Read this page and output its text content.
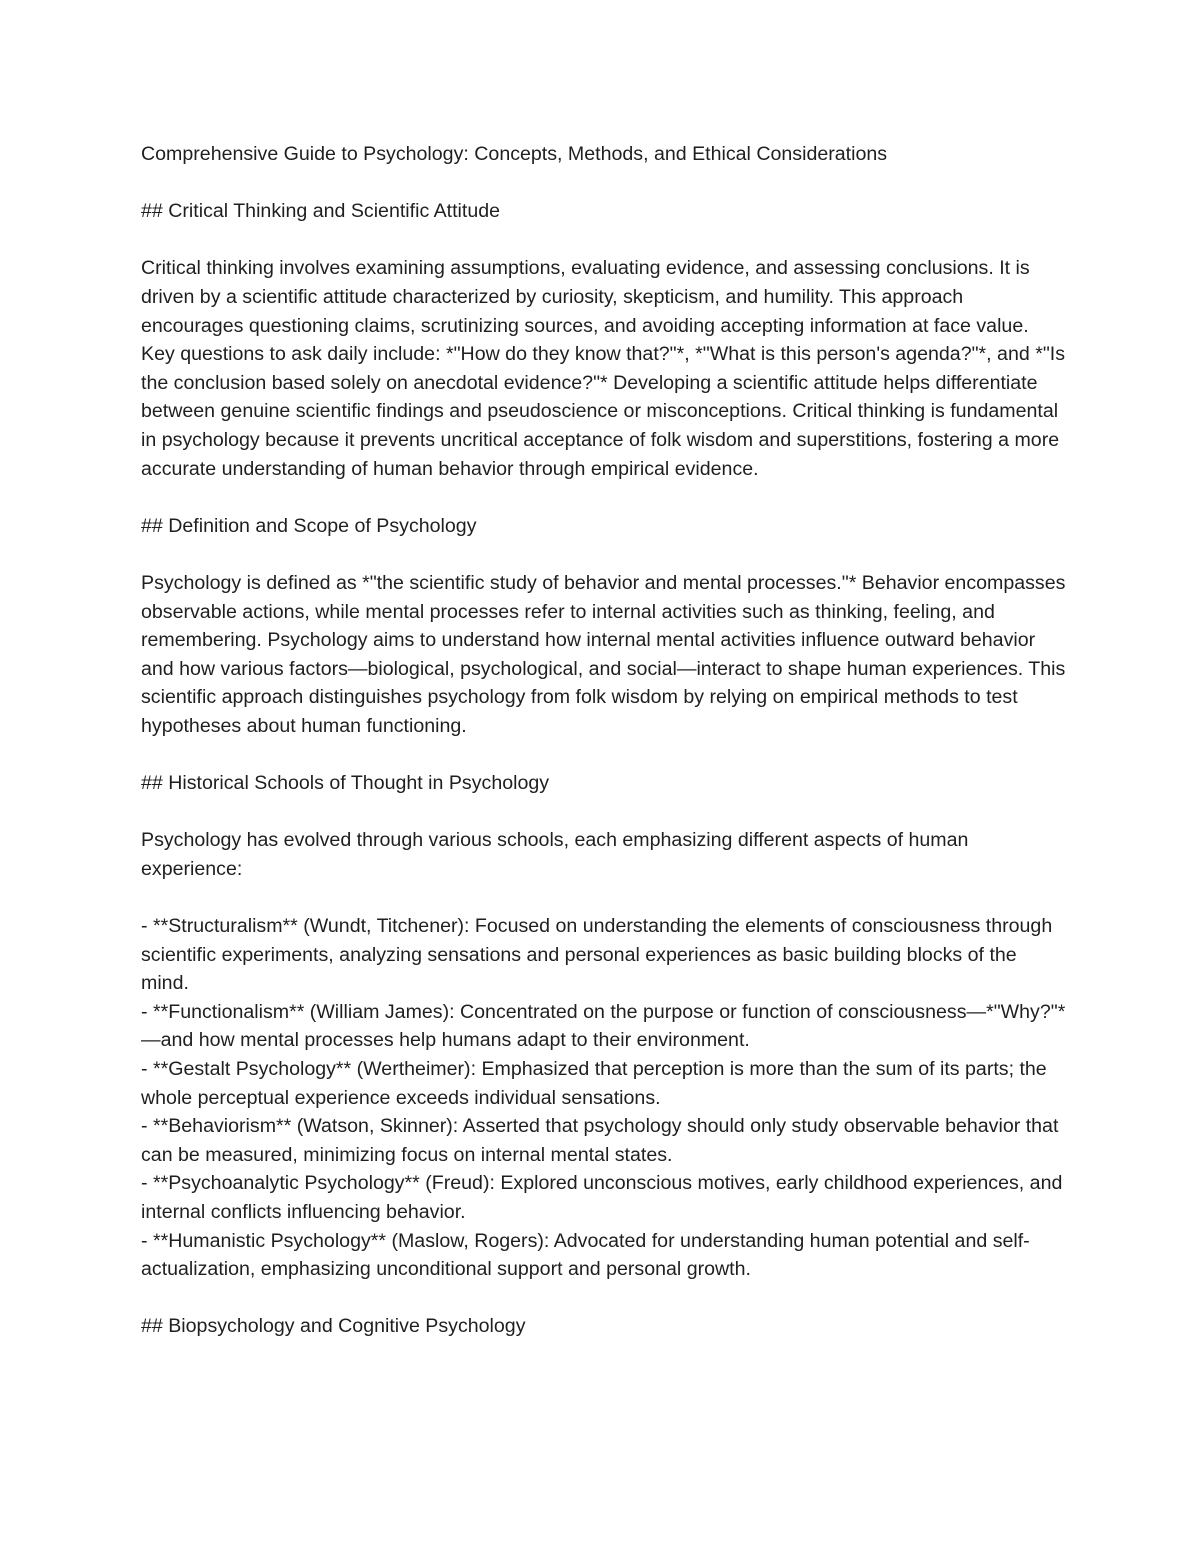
Comprehensive Guide to Psychology: Concepts, Methods, and Ethical Considerations

## Critical Thinking and Scientific Attitude

Critical thinking involves examining assumptions, evaluating evidence, and assessing conclusions. It is driven by a scientific attitude characterized by curiosity, skepticism, and humility. This approach encourages questioning claims, scrutinizing sources, and avoiding accepting information at face value. Key questions to ask daily include: *"How do they know that?"*, *"What is this person's agenda?"*, and *"Is the conclusion based solely on anecdotal evidence?"* Developing a scientific attitude helps differentiate between genuine scientific findings and pseudoscience or misconceptions. Critical thinking is fundamental in psychology because it prevents uncritical acceptance of folk wisdom and superstitions, fostering a more accurate understanding of human behavior through empirical evidence.

## Definition and Scope of Psychology

Psychology is defined as *"the scientific study of behavior and mental processes."* Behavior encompasses observable actions, while mental processes refer to internal activities such as thinking, feeling, and remembering. Psychology aims to understand how internal mental activities influence outward behavior and how various factors—biological, psychological, and social—interact to shape human experiences. This scientific approach distinguishes psychology from folk wisdom by relying on empirical methods to test hypotheses about human functioning.

## Historical Schools of Thought in Psychology

Psychology has evolved through various schools, each emphasizing different aspects of human experience:

- **Structuralism** (Wundt, Titchener): Focused on understanding the elements of consciousness through scientific experiments, analyzing sensations and personal experiences as basic building blocks of the mind.
- **Functionalism** (William James): Concentrated on the purpose or function of consciousness—*"Why?"*—and how mental processes help humans adapt to their environment.
- **Gestalt Psychology** (Wertheimer): Emphasized that perception is more than the sum of its parts; the whole perceptual experience exceeds individual sensations.
- **Behaviorism** (Watson, Skinner): Asserted that psychology should only study observable behavior that can be measured, minimizing focus on internal mental states.
- **Psychoanalytic Psychology** (Freud): Explored unconscious motives, early childhood experiences, and internal conflicts influencing behavior.
- **Humanistic Psychology** (Maslow, Rogers): Advocated for understanding human potential and self-actualization, emphasizing unconditional support and personal growth.

## Biopsychology and Cognitive Psychology
